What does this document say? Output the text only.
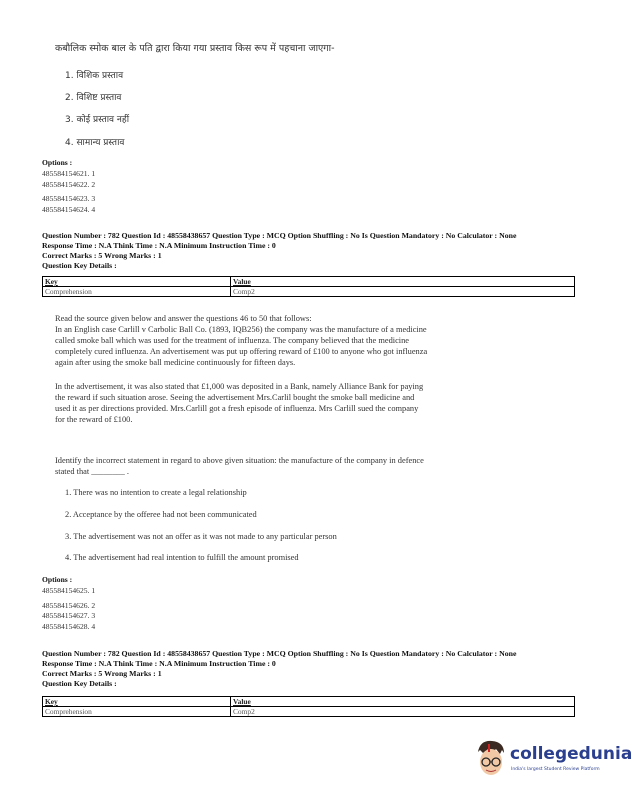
कबौलिक स्मोक बाल के पति द्वारा किया गया प्रस्ताव किस रूप में पहचाना जाएगा-
1. विशिक प्रस्ताव
2. विशिष्ट प्रस्ताव
3. कोई प्रस्ताव नहीं
4. सामान्य प्रस्ताव
Options :
485584154621. 1
485584154622. 2
485584154623. 3
485584154624. 4
Question Number : 782 Question Id : 48558438657 Question Type : MCQ Option Shuffling : No Is Question Mandatory : No Calculator : None
Response Time : N.A Think Time : N.A Minimum Instruction Time : 0
Correct Marks : 5 Wrong Marks : 1
Question Key Details :
Key	Value
Comprehension	Comp2
Read the source given below and answer the questions 46 to 50 that follows:
In an English case Carlill v Carbolic Ball Co. (1893, IQB256) the company was the manufacture of a medicine
called smoke ball which was used for the treatment of influenza. The company believed that the medicine
completely cured influenza. An advertisement was put up offering reward of £100 to anyone who got influenza
again after using the smoke ball medicine continuously for fifteen days.
In the advertisement, it was also stated that £1,000 was deposited in a Bank, namely Alliance Bank for paying
the reward if such situation arose. Seeing the advertisement Mrs.Carlil bought the smoke ball medicine and
used it as per directions provided. Mrs.Carlill got a fresh episode of influenza. Mrs Carlill sued the company
for the reward of £100.
Identify the incorrect statement in regard to above given situation: the manufacture of the company in defence
stated that ________ .
1. There was no intention to create a legal relationship
2. Acceptance by the offeree had not been communicated
3. The advertisement was not an offer as it was not made to any particular person
4. The advertisement had real intention to fulfill the amount promised
Options :
485584154625. 1
485584154626. 2
485584154627. 3
485584154628. 4
Question Number : 782 Question Id : 48558438657 Question Type : MCQ Option Shuffling : No Is Question Mandatory : No Calculator : None
Response Time : N.A Think Time : N.A Minimum Instruction Time : 0
Correct Marks : 5 Wrong Marks : 1
Question Key Details :
Key	Value
Comprehension	Comp2
collegedunia
India's largest Student Review Platform
